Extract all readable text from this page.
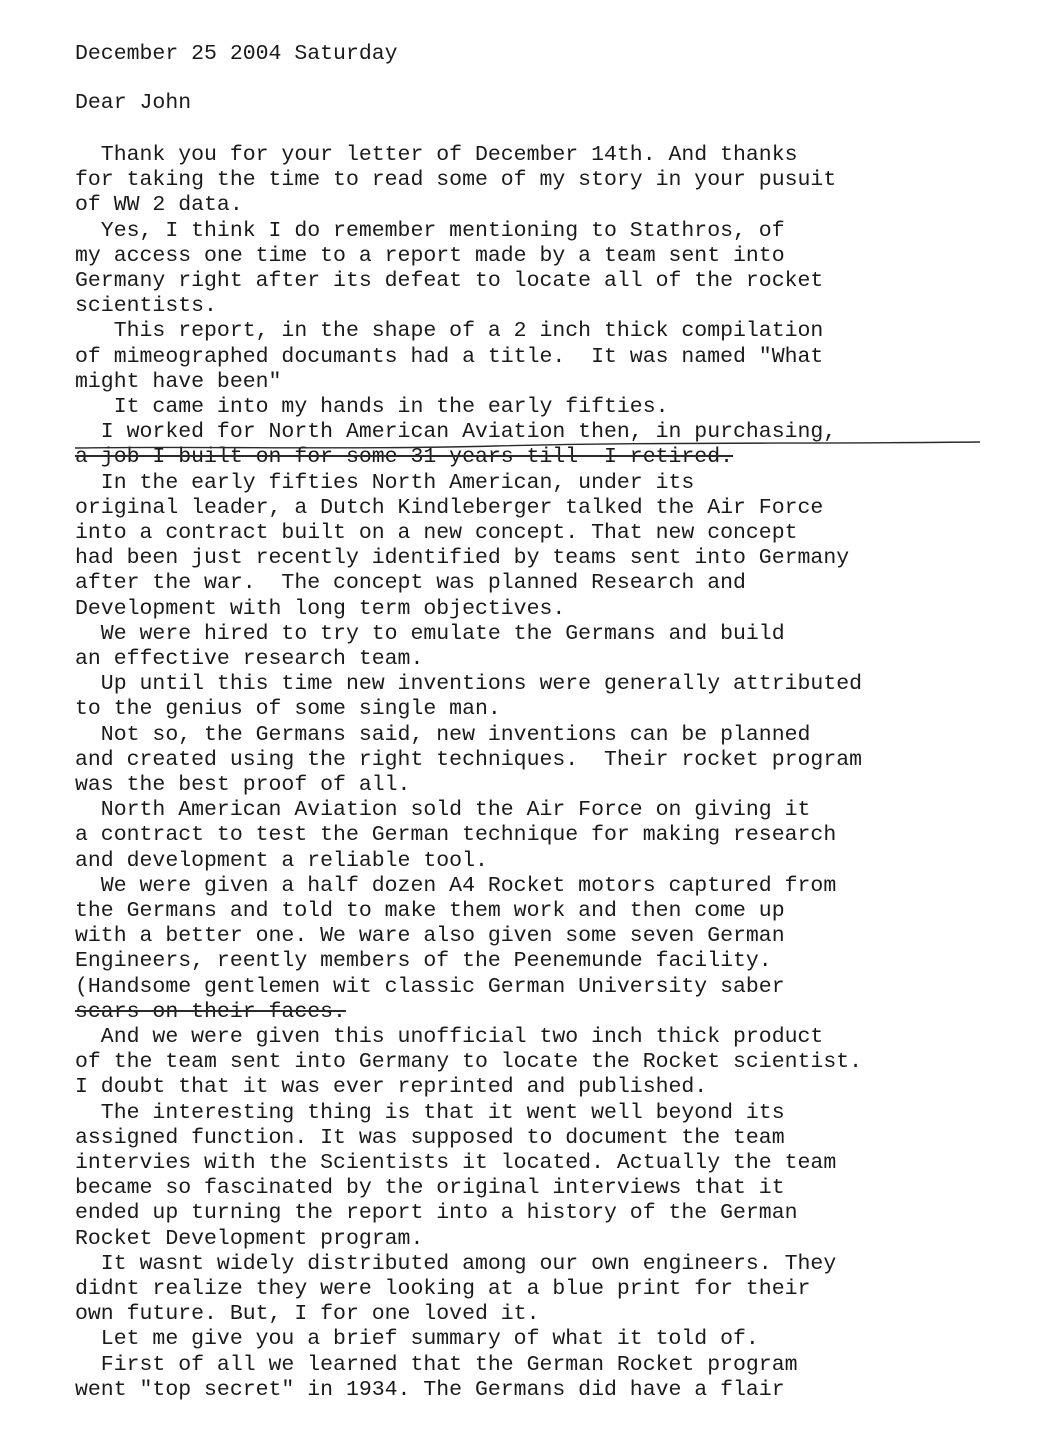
December 25 2004 Saturday
Dear John
Thank you for your letter of December 14th. And thanks
for taking the time to read some of my story in your pusuit
of WW 2 data.
Yes, I think I do remember mentioning to Stathros, of
my access one time to a report made by a team sent into
Germany right after its defeat to locate all of the rocket
scientists.
This report, in the shape of a 2 inch thick compilation
of mimeographed documants had a title.  It was named "What
might have been"
It came into my hands in the early fifties.
I worked for North American Aviation then, in purchasing,
a job I built on for some 31 years till  I retired.
In the early fifties North American, under its
original leader, a Dutch Kindleberger talked the Air Force
into a contract built on a new concept. That new concept
had been just recently identified by teams sent into Germany
after the war.  The concept was planned Research and
Development with long term objectives.
We were hired to try to emulate the Germans and build
an effective research team.
Up until this time new inventions were generally attributed
to the genius of some single man.
Not so, the Germans said, new inventions can be planned
and created using the right techniques.  Their rocket program
was the best proof of all.
North American Aviation sold the Air Force on giving it
a contract to test the German technique for making research
and development a reliable tool.
We were given a half dozen A4 Rocket motors captured from
the Germans and told to make them work and then come up
with a better one. We ware also given some seven German
Engineers, reently members of the Peenemunde facility.
(Handsome gentlemen wit classic German University saber
scars on their faces.
And we were given this unofficial two inch thick product
of the team sent into Germany to locate the Rocket scientist.
I doubt that it was ever reprinted and published.
The interesting thing is that it went well beyond its
assigned function. It was supposed to document the team
intervies with the Scientists it located. Actually the team
became so fascinated by the original interviews that it
ended up turning the report into a history of the German
Rocket Development program.
It wasnt widely distributed among our own engineers. They
didnt realize they were looking at a blue print for their
own future. But, I for one loved it.
Let me give you a brief summary of what it told of.
First of all we learned that the German Rocket program
went "top secret" in 1934. The Germans did have a flair
